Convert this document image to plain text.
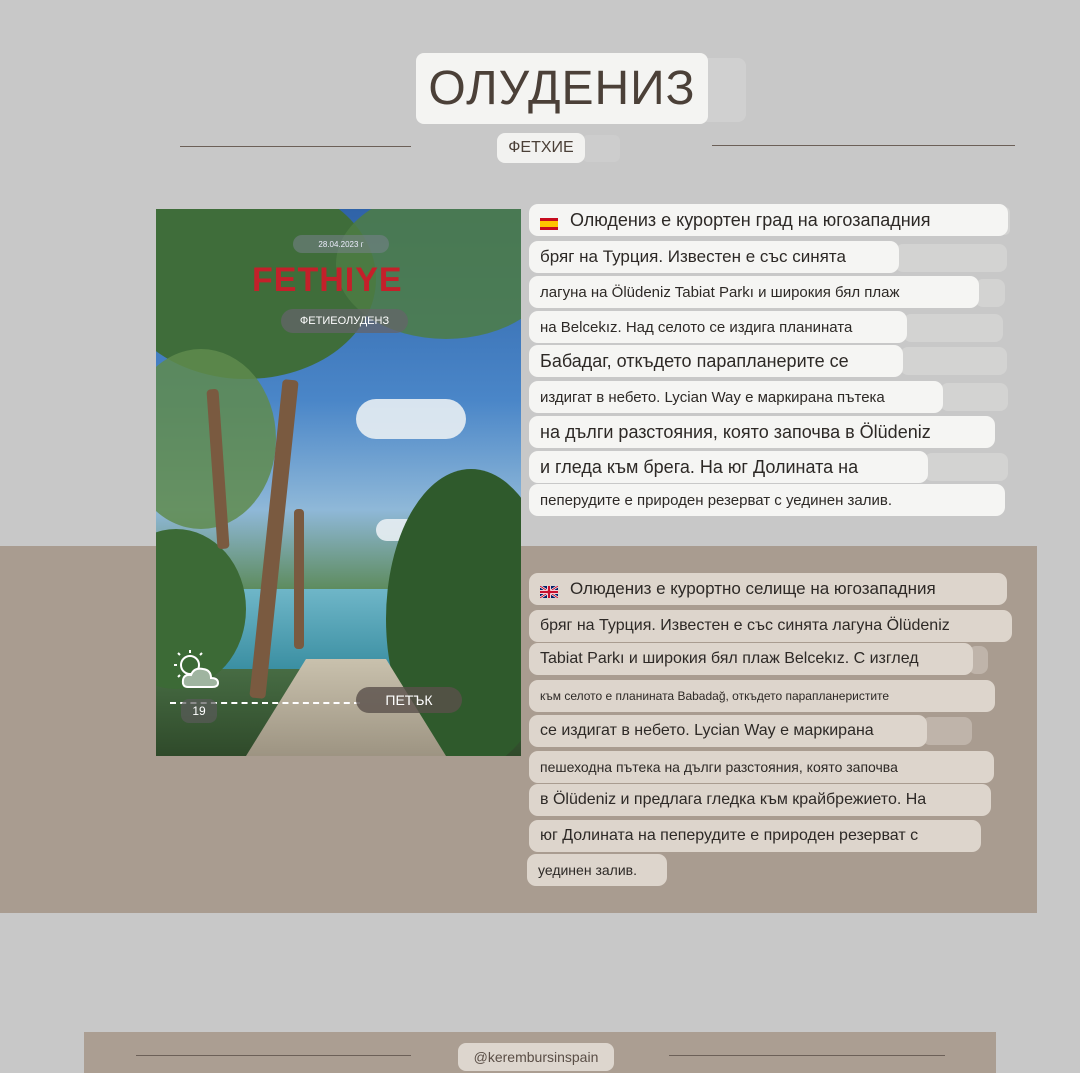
ОЛУДЕНИЗ
ФЕТХИЕ
28.04.2023 г
FETHIYE
ФЕТИЕОЛУДЕНЗ
19
ПЕТЪК
Олюдениз е курортен град на югозападния
бряг на Турция. Известен е със синята
лагуна на Ölüdeniz Tabiat Parkı и широкия бял плаж
на Belcekız. Над селото се издига планината
Бабадаг, откъдето парапланерите се
издигат в небето. Lycian Way е маркирана пътека
на дълги разстояния, която започва в Ölüdeniz
и гледа към брега. На юг Долината на
пеперудите е природен резерват с уединен залив.
Олюдениз е курортно селище на югозападния
бряг на Турция. Известен е със синята лагуна Ölüdeniz
Tabiat Parkı и широкия бял плаж Belcekız. С изглед
към селото е планината Babadağ, откъдето парапланеристите
се издигат в небето. Lycian Way е маркирана
пешеходна пътека на дълги разстояния, която започва
в Ölüdeniz и предлага гледка към крайбрежието. На
юг Долината на пеперудите е природен резерват с
уединен залив.
@kerembursinspain
